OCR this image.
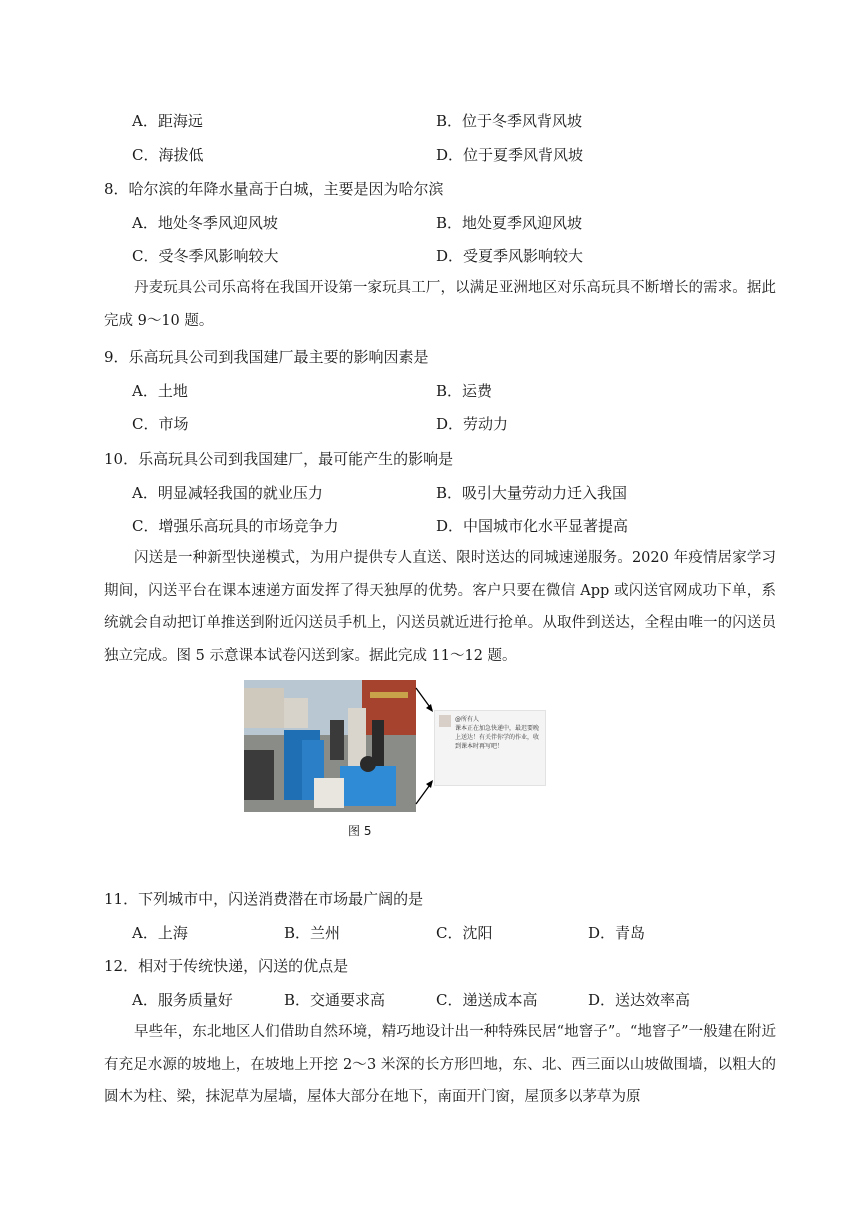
A．距海远	B．位于冬季风背风坡
C．海拔低	D．位于夏季风背风坡
8．哈尔滨的年降水量高于白城，主要是因为哈尔滨
A．地处冬季风迎风坡	B．地处夏季风迎风坡
C．受冬季风影响较大	D．受夏季风影响较大
丹麦玩具公司乐高将在我国开设第一家玩具工厂，以满足亚洲地区对乐高玩具不断增长的需求。据此完成 9～10 题。
9．乐高玩具公司到我国建厂最主要的影响因素是
A．土地	B．运费
C．市场	D．劳动力
10．乐高玩具公司到我国建厂，最可能产生的影响是
A．明显减轻我国的就业压力	B．吸引大量劳动力迁入我国
C．增强乐高玩具的市场竞争力	D．中国城市化水平显著提高
闪送是一种新型快递模式，为用户提供专人直送、限时送达的同城速递服务。2020 年疫情居家学习期间，闪送平台在课本速递方面发挥了得天独厚的优势。客户只要在微信 App 或闪送官网成功下单，系统就会自动把订单推送到附近闪送员手机上，闪送员就近进行抢单。从取件到送达，全程由唯一的闪送员独立完成。图 5 示意课本试卷闪送到家。据此完成 11～12 题。
@所有人
课本正在加急快递中，最迟要晚上送达！有关伴你学的作业，收到课本时再写吧！
图 5
11．下列城市中，闪送消费潜在市场最广阔的是
A．上海	B．兰州	C．沈阳	D．青岛
12．相对于传统快递，闪送的优点是
A．服务质量好	B．交通要求高	C．递送成本高	D．送达效率高
早些年，东北地区人们借助自然环境，精巧地设计出一种特殊民居“地窨子”。“地窨子”一般建在附近有充足水源的坡地上，在坡地上开挖 2～3 米深的长方形凹地，东、北、西三面以山坡做围墙，以粗大的圆木为柱、梁，抹泥草为屋墙，屋体大部分在地下，南面开门窗，屋顶多以茅草为原
